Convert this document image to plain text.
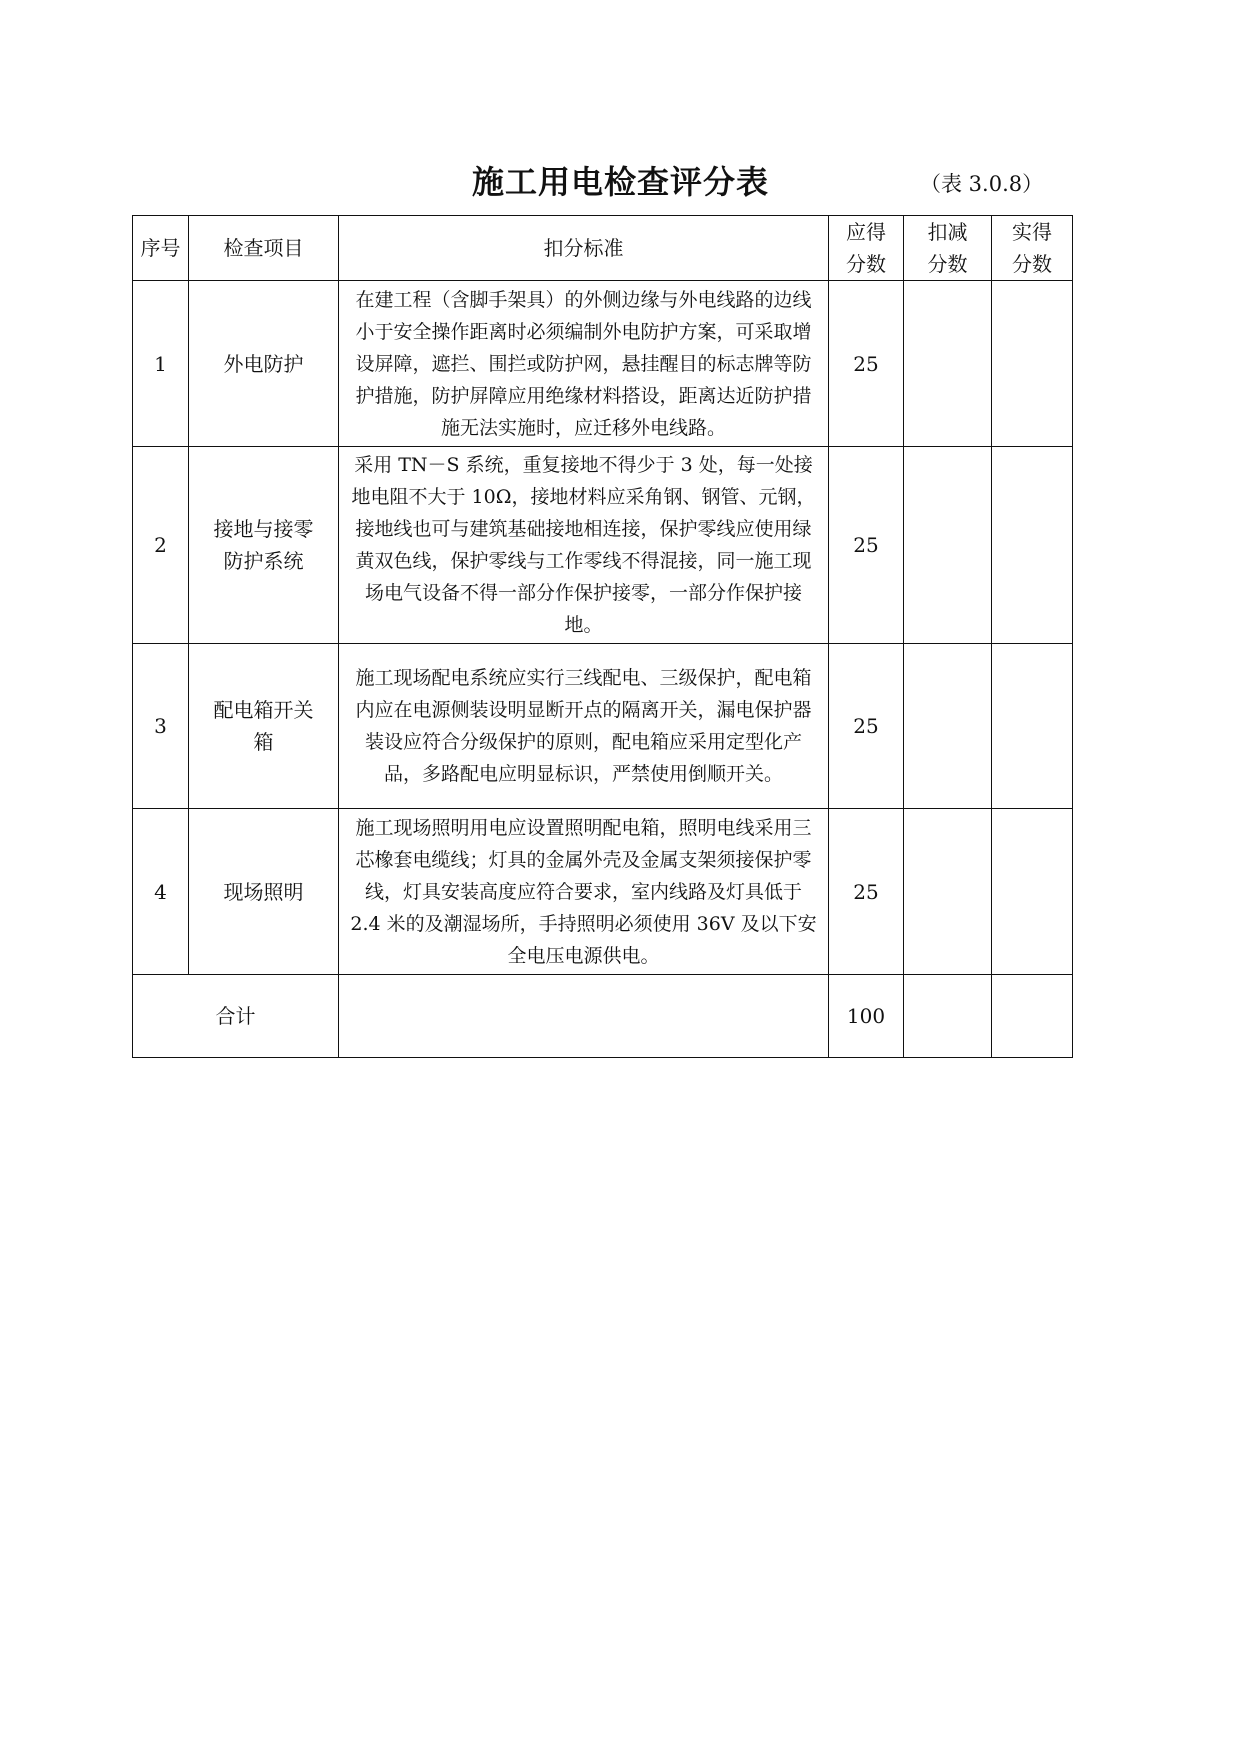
施工用电检查评分表	（表 3.0.8）
序号	检查项目	扣分标准	应得分数	扣减分数	实得分数
1	外电防护	在建工程（含脚手架具）的外侧边缘与外电线路的边线小于安全操作距离时必须编制外电防护方案，可采取增设屏障，遮拦、围拦或防护网，悬挂醒目的标志牌等防护措施，防护屏障应用绝缘材料搭设，距离达近防护措施无法实施时，应迁移外电线路。	25		
2	接地与接零防护系统	采用 TN－S 系统，重复接地不得少于 3 处，每一处接地电阻不大于 10Ω，接地材料应采角钢、钢管、元钢，接地线也可与建筑基础接地相连接，保护零线应使用绿黄双色线，保护零线与工作零线不得混接，同一施工现场电气设备不得一部分作保护接零，一部分作保护接地。	25		
3	配电箱开关箱	施工现场配电系统应实行三线配电、三级保护，配电箱内应在电源侧装设明显断开点的隔离开关，漏电保护器装设应符合分级保护的原则，配电箱应采用定型化产品，多路配电应明显标识，严禁使用倒顺开关。	25		
4	现场照明	施工现场照明用电应设置照明配电箱，照明电线采用三芯橡套电缆线；灯具的金属外壳及金属支架须接保护零线，灯具安装高度应符合要求，室内线路及灯具低于 2.4 米的及潮湿场所，手持照明必须使用 36V 及以下安全电压电源供电。	25		
合计			100		
